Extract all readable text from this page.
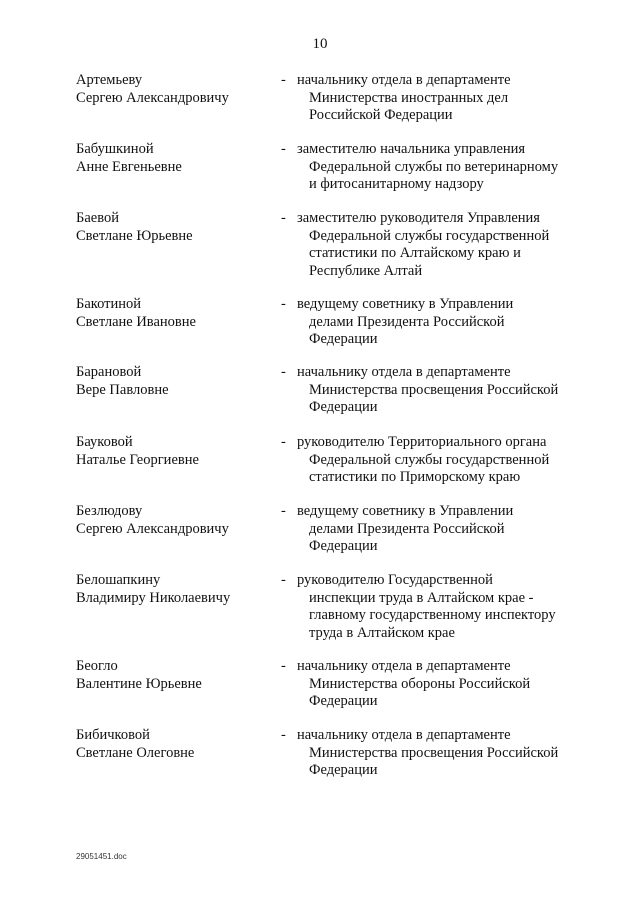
10
Артемьеву
Сергею Александровичу
- начальнику отдела в департаменте
Министерства иностранных дел
Российской Федерации
Бабушкиной
Анне Евгеньевне
- заместителю начальника управления
Федеральной службы по ветеринарному
и фитосанитарному надзору
Баевой
Светлане Юрьевне
- заместителю руководителя Управления
Федеральной службы государственной
статистики по Алтайскому краю и
Республике Алтай
Бакотиной
Светлане Ивановне
- ведущему советнику в Управлении
делами Президента Российской
Федерации
Барановой
Вере Павловне
- начальнику отдела в департаменте
Министерства просвещения Российской
Федерации
Бауковой
Наталье Георгиевне
- руководителю Территориального органа
Федеральной службы государственной
статистики по Приморскому краю
Безлюдову
Сергею Александровичу
- ведущему советнику в Управлении
делами Президента Российской
Федерации
Белошапкину
Владимиру Николаевичу
- руководителю Государственной
инспекции труда в Алтайском крае -
главному государственному инспектору
труда в Алтайском крае
Беогло
Валентине Юрьевне
- начальнику отдела в департаменте
Министерства обороны Российской
Федерации
Бибичковой
Светлане Олеговне
- начальнику отдела в департаменте
Министерства просвещения Российской
Федерации
29051451.doc
